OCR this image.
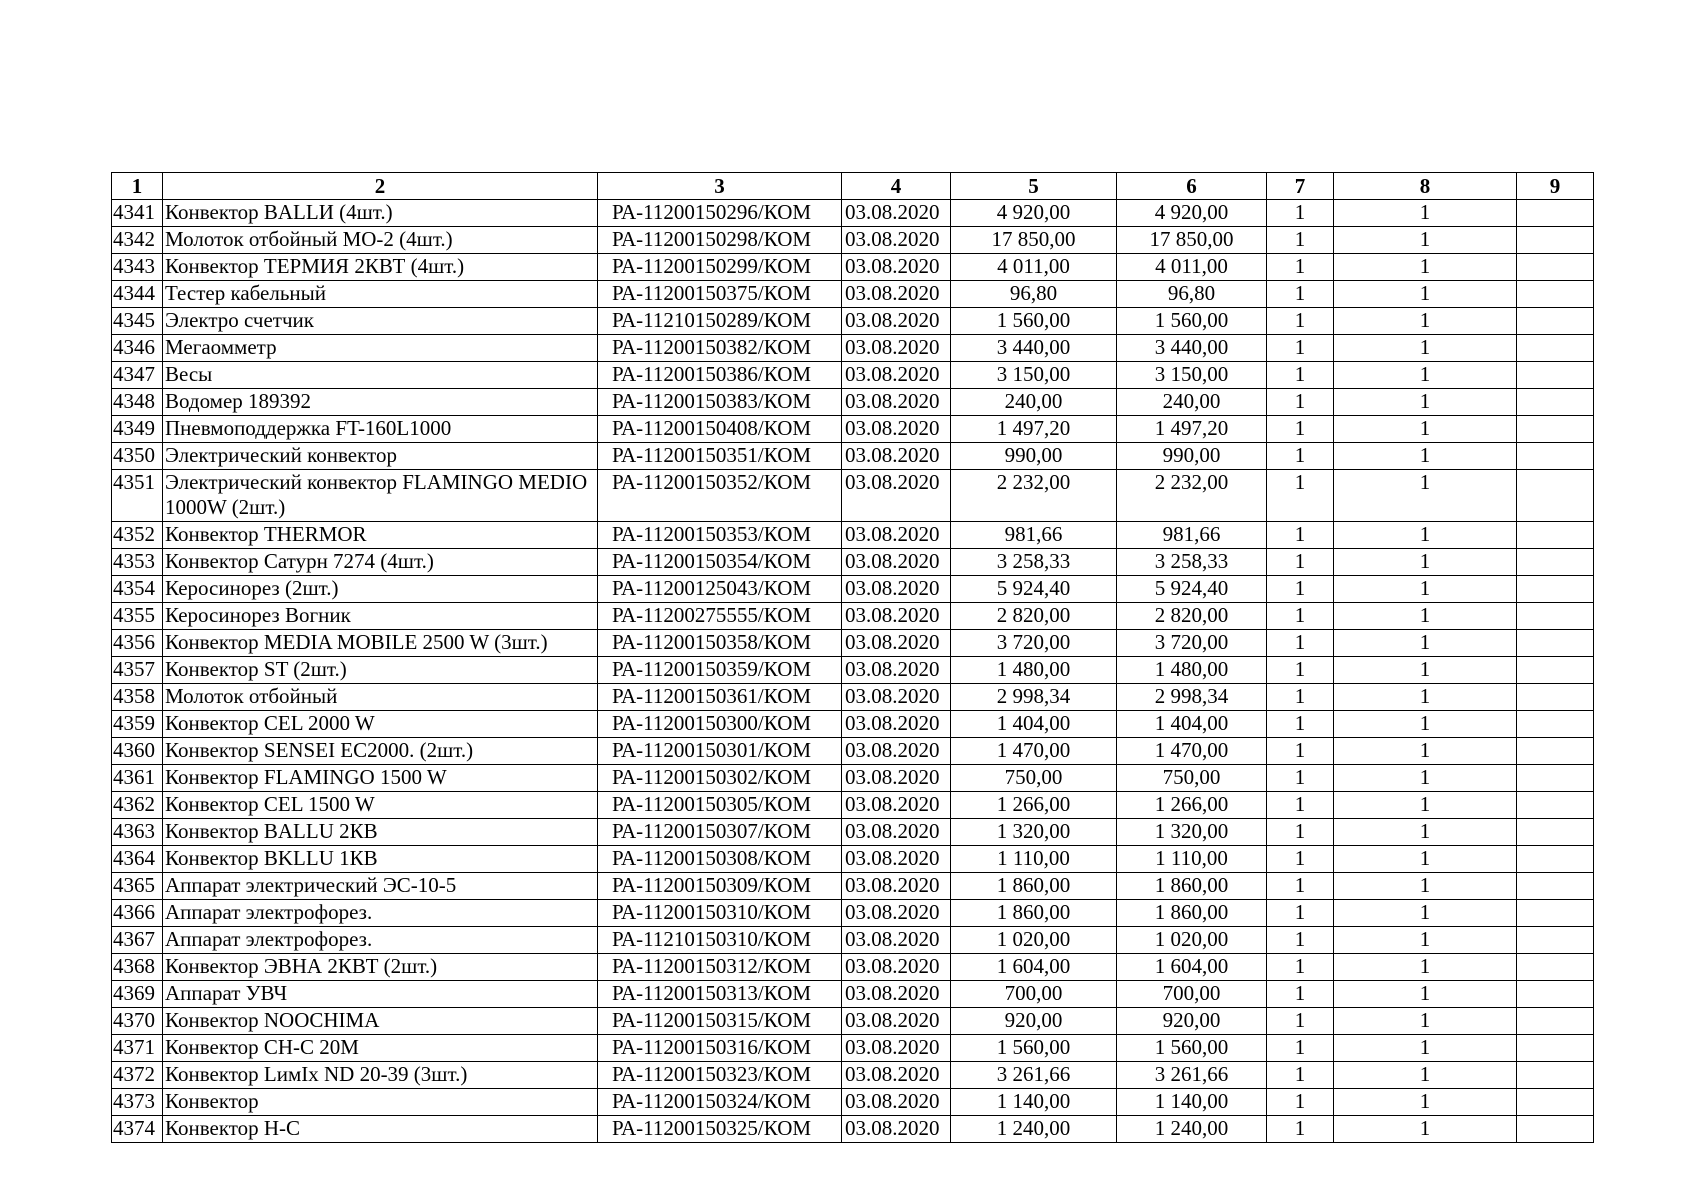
1	2	3	4	5	6	7	8	9
4341	Конвектор BALLИ (4шт.)	РА-11200150296/КОМ	03.08.2020	4 920,00	4 920,00	1	1	
4342	Молоток отбойный МО-2 (4шт.)	РА-11200150298/КОМ	03.08.2020	17 850,00	17 850,00	1	1	
4343	Конвектор ТЕРМИЯ 2КВТ (4шт.)	РА-11200150299/КОМ	03.08.2020	4 011,00	4 011,00	1	1	
4344	Тестер кабельный	РА-11200150375/КОМ	03.08.2020	96,80	96,80	1	1	
4345	Электро счетчик	РА-11210150289/КОМ	03.08.2020	1 560,00	1 560,00	1	1	
4346	Мегаомметр	РА-11200150382/КОМ	03.08.2020	3 440,00	3 440,00	1	1	
4347	Весы	РА-11200150386/КОМ	03.08.2020	3 150,00	3 150,00	1	1	
4348	Водомер 189392	РА-11200150383/КОМ	03.08.2020	240,00	240,00	1	1	
4349	Пневмоподдержка FT-160L1000	РА-11200150408/КОМ	03.08.2020	1 497,20	1 497,20	1	1	
4350	Электрический конвектор	РА-11200150351/КОМ	03.08.2020	990,00	990,00	1	1	
4351	Электрический конвектор FLAMINGO MEDIO 1000W (2шт.)	РА-11200150352/КОМ	03.08.2020	2 232,00	2 232,00	1	1	
4352	Конвектор THERMOR	РА-11200150353/КОМ	03.08.2020	981,66	981,66	1	1	
4353	Конвектор Сатурн 7274 (4шт.)	РА-11200150354/КОМ	03.08.2020	3 258,33	3 258,33	1	1	
4354	Керосинорез (2шт.)	РА-11200125043/КОМ	03.08.2020	5 924,40	5 924,40	1	1	
4355	Керосинорез Вогник	РА-11200275555/КОМ	03.08.2020	2 820,00	2 820,00	1	1	
4356	Конвектор MEDIA MOBILE 2500 W (3шт.)	РА-11200150358/КОМ	03.08.2020	3 720,00	3 720,00	1	1	
4357	Конвектор ST (2шт.)	РА-11200150359/КОМ	03.08.2020	1 480,00	1 480,00	1	1	
4358	Молоток отбойный	РА-11200150361/КОМ	03.08.2020	2 998,34	2 998,34	1	1	
4359	Конвектор CEL 2000 W	РА-11200150300/КОМ	03.08.2020	1 404,00	1 404,00	1	1	
4360	Конвектор SENSEI EC2000. (2шт.)	РА-11200150301/КОМ	03.08.2020	1 470,00	1 470,00	1	1	
4361	Конвектор FLAMINGO 1500 W	РА-11200150302/КОМ	03.08.2020	750,00	750,00	1	1	
4362	Конвектор CEL 1500 W	РА-11200150305/КОМ	03.08.2020	1 266,00	1 266,00	1	1	
4363	Конвектор BALLU 2КВ	РА-11200150307/КОМ	03.08.2020	1 320,00	1 320,00	1	1	
4364	Конвектор BKLLU 1КВ	РА-11200150308/КОМ	03.08.2020	1 110,00	1 110,00	1	1	
4365	Аппарат электрический ЭС-10-5	РА-11200150309/КОМ	03.08.2020	1 860,00	1 860,00	1	1	
4366	Аппарат электрофорез.	РА-11200150310/КОМ	03.08.2020	1 860,00	1 860,00	1	1	
4367	Аппарат электрофорез.	РА-11210150310/КОМ	03.08.2020	1 020,00	1 020,00	1	1	
4368	Конвектор ЭВНА 2КВТ (2шт.)	РА-11200150312/КОМ	03.08.2020	1 604,00	1 604,00	1	1	
4369	Аппарат УВЧ	РА-11200150313/КОМ	03.08.2020	700,00	700,00	1	1	
4370	Конвектор NOOCHIMA	РА-11200150315/КОМ	03.08.2020	920,00	920,00	1	1	
4371	Конвектор CH-C 20M	РА-11200150316/КОМ	03.08.2020	1 560,00	1 560,00	1	1	
4372	Конвектор LимIx ND 20-39 (3шт.)	РА-11200150323/КОМ	03.08.2020	3 261,66	3 261,66	1	1	
4373	Конвектор	РА-11200150324/КОМ	03.08.2020	1 140,00	1 140,00	1	1	
4374	Конвектор H-C	РА-11200150325/КОМ	03.08.2020	1 240,00	1 240,00	1	1	
